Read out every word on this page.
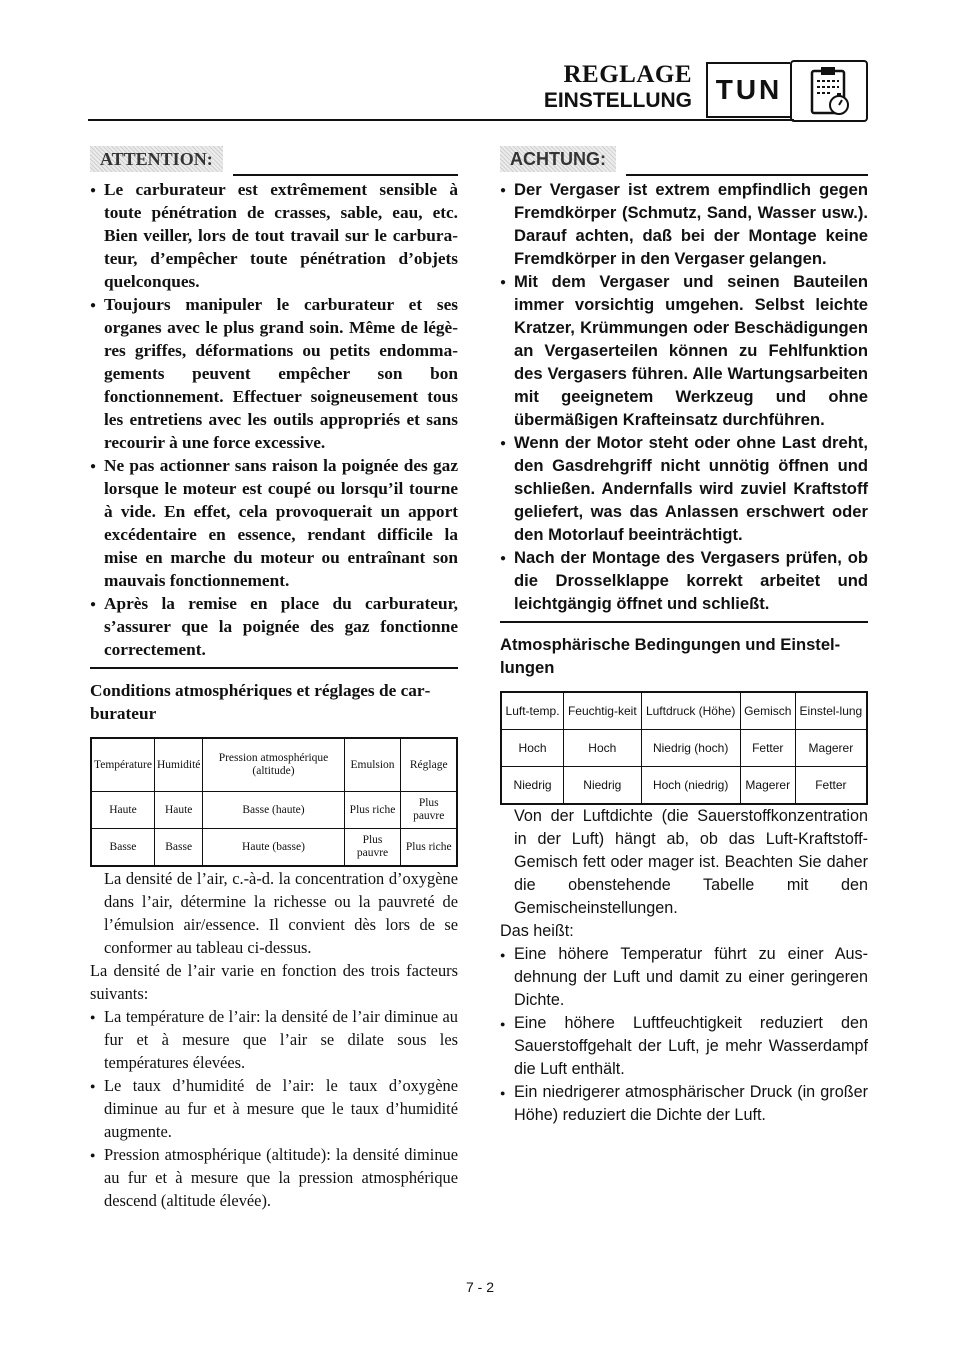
REGLAGE
EINSTELLUNG TUN
ATTENTION:
● Le carburateur est extrêmement sensible à toute pénétration de crasses, sable, eau, etc. Bien veiller, lors de tout travail sur le carburateur, d’empêcher toute pénétration d’objets quelconques.
● Toujours manipuler le carburateur et ses organes avec le plus grand soin. Même de légères griffes, déformations ou petits endommagements peuvent empêcher son bon fonctionnement. Effectuer soigneusement tous les entretiens avec les outils appropriés et sans recourir à une force excessive.
● Ne pas actionner sans raison la poignée des gaz lorsque le moteur est coupé ou lorsqu’il tourne à vide. En effet, cela provoquerait un apport excédentaire en essence, rendant difficile la mise en marche du moteur ou entraînant son mauvais fonctionnement.
● Après la remise en place du carburateur, s’assurer que la poignée des gaz fonctionne correctement.
Conditions atmosphériques et réglages de carburateur
Température	Humidité	Pression atmosphérique (altitude)	Emulsion	Réglage
Haute	Haute	Basse (haute)	Plus riche	Plus pauvre
Basse	Basse	Haute (basse)	Plus pauvre	Plus riche

La densité de l’air, c.-à-d. la concentration d’oxygène dans l’air, détermine la richesse ou la pauvreté de l’émulsion air/essence. Il convient dès lors de se conformer au tableau ci-dessus.

La densité de l’air varie en fonction des trois facteurs suivants:

● La température de l’air: la densité de l’air diminue au fur et à mesure que l’air se dilate sous les températures élevées.
● Le taux d’humidité de l’air: le taux d’oxygène diminue au fur et à mesure que le taux d’humidité augmente.
● Pression atmosphérique (altitude): la densité diminue au fur et à mesure que la pression atmosphérique descend (altitude élevée).
ACHTUNG:
● Der Vergaser ist extrem empfindlich gegen Fremdkörper (Schmutz, Sand, Wasser usw.). Darauf achten, daß bei der Montage keine Fremdkörper in den Vergaser gelangen.
● Mit dem Vergaser und seinen Bauteilen immer vorsichtig umgehen. Selbst leichte Kratzer, Krümmungen oder Beschädigungen an Vergaserteilen können zu Fehlfunktion des Vergasers führen. Alle Wartungsarbeiten mit geeignetem Werkzeug und ohne übermäßigen Krafteinsatz durchführen.
● Wenn der Motor steht oder ohne Last dreht, den Gasdrehgriff nicht unnötig öffnen und schließen. Andernfalls wird zuviel Kraftstoff geliefert, was das Anlassen erschwert oder den Motorlauf beeinträchtigt.
● Nach der Montage des Vergasers prüfen, ob die Drosselklappe korrekt arbeitet und leichtgängig öffnet und schließt.
Atmosphärische Bedingungen und Einstellungen
Luft-temp.	Feuchtig-keit	Luftdruck (Höhe)	Gemisch	Einstel-lung
Hoch	Hoch	Niedrig (hoch)	Fetter	Magerer
Niedrig	Niedrig	Hoch (niedrig)	Magerer	Fetter

Von der Luftdichte (die Sauerstoffkonzentration in der Luft) hängt ab, ob das Luft-Kraftstoff-Gemisch fett oder mager ist. Beachten Sie daher die obenstehende Tabelle mit den Gemischeinstellungen.

Das heißt:

● Eine höhere Temperatur führt zu einer Ausdehnung der Luft und damit zu einer geringeren Dichte.
● Eine höhere Luftfeuchtigkeit reduziert den Sauerstoffgehalt der Luft, je mehr Wasserdampf die Luft enthält.
● Ein niedrigerer atmosphärischer Druck (in großer Höhe) reduziert die Dichte der Luft.
7 - 2
